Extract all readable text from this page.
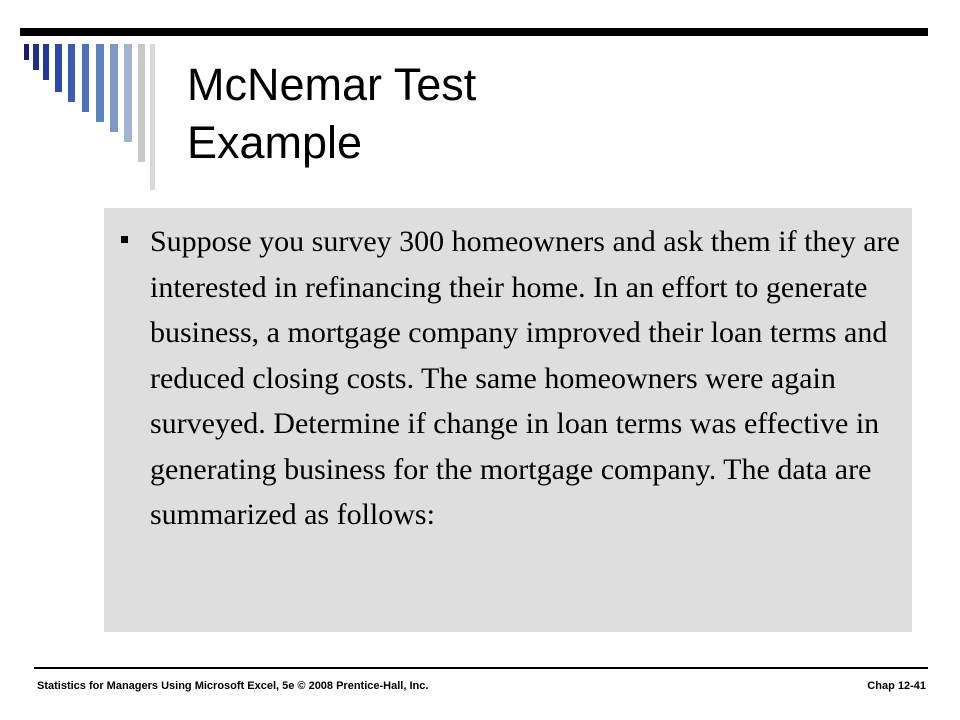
McNemar Test
Example

Suppose you survey 300 homeowners and ask them if they are interested in refinancing their home. In an effort to generate business, a mortgage company improved their loan terms and reduced closing costs. The same homeowners were again surveyed. Determine if change in loan terms was effective in generating business for the mortgage company. The data are summarized as follows:

Statistics for Managers Using Microsoft Excel, 5e © 2008 Prentice-Hall, Inc.	Chap 12-41
